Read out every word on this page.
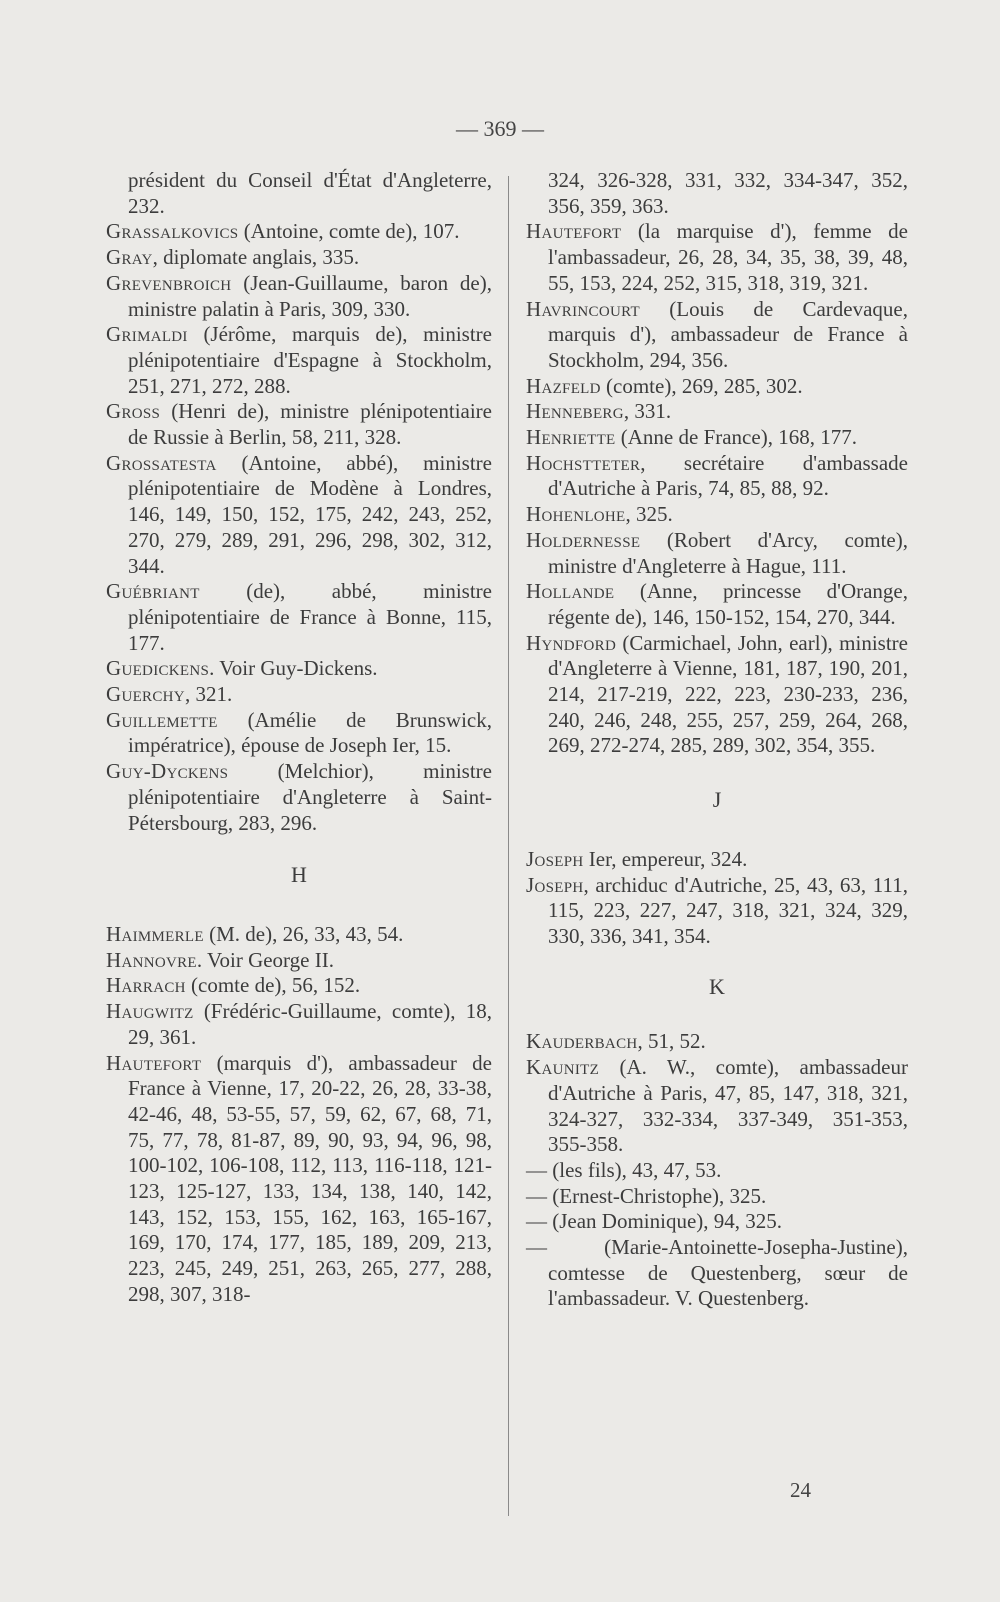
— 369 —

président du Conseil d'État d'Angleterre, 232.

Grassalkovics (Antoine, comte de), 107.

Gray, diplomate anglais, 335.

Grevenbroich (Jean-Guillaume, baron de), ministre palatin à Paris, 309, 330.

Grimaldi (Jérôme, marquis de), ministre plénipotentiaire d'Espagne à Stockholm, 251, 271, 272, 288.

Gross (Henri de), ministre plénipotentiaire de Russie à Berlin, 58, 211, 328.

Grossatesta (Antoine, abbé), ministre plénipotentiaire de Modène à Londres, 146, 149, 150, 152, 175, 242, 243, 252, 270, 279, 289, 291, 296, 298, 302, 312, 344.

Guébriant (de), abbé, ministre plénipotentiaire de France à Bonne, 115, 177.

Guedickens. Voir Guy-Dickens.

Guerchy, 321.

Guillemette (Amélie de Brunswick, impératrice), épouse de Joseph Ier, 15.

Guy-Dyckens (Melchior), ministre plénipotentiaire d'Angleterre à Saint-Pétersbourg, 283, 296.

H

Haimmerle (M. de), 26, 33, 43, 54.

Hannovre. Voir George II.

Harrach (comte de), 56, 152.

Haugwitz (Frédéric-Guillaume, comte), 18, 29, 361.

Hautefort (marquis d'), ambassadeur de France à Vienne, 17, 20-22, 26, 28, 33-38, 42-46, 48, 53-55, 57, 59, 62, 67, 68, 71, 75, 77, 78, 81-87, 89, 90, 93, 94, 96, 98, 100-102, 106-108, 112, 113, 116-118, 121-123, 125-127, 133, 134, 138, 140, 142, 143, 152, 153, 155, 162, 163, 165-167, 169, 170, 174, 177, 185, 189, 209, 213, 223, 245, 249, 251, 263, 265, 277, 288, 298, 307, 318-

324, 326-328, 331, 332, 334-347, 352, 356, 359, 363.

Hautefort (la marquise d'), femme de l'ambassadeur, 26, 28, 34, 35, 38, 39, 48, 55, 153, 224, 252, 315, 318, 319, 321.

Havrincourt (Louis de Cardevaque, marquis d'), ambassadeur de France à Stockholm, 294, 356.

Hazfeld (comte), 269, 285, 302.

Henneberg, 331.

Henriette (Anne de France), 168, 177.

Hochstteter, secrétaire d'ambassade d'Autriche à Paris, 74, 85, 88, 92.

Hohenlohe, 325.

Holdernesse (Robert d'Arcy, comte), ministre d'Angleterre à Hague, 111.

Hollande (Anne, princesse d'Orange, régente de), 146, 150-152, 154, 270, 344.

Hyndford (Carmichael, John, earl), ministre d'Angleterre à Vienne, 181, 187, 190, 201, 214, 217-219, 222, 223, 230-233, 236, 240, 246, 248, 255, 257, 259, 264, 268, 269, 272-274, 285, 289, 302, 354, 355.

J

Joseph Ier, empereur, 324.

Joseph, archiduc d'Autriche, 25, 43, 63, 111, 115, 223, 227, 247, 318, 321, 324, 329, 330, 336, 341, 354.

K

Kauderbach, 51, 52.

Kaunitz (A. W., comte), ambassadeur d'Autriche à Paris, 47, 85, 147, 318, 321, 324-327, 332-334, 337-349, 351-353, 355-358.

— (les fils), 43, 47, 53.

— (Ernest-Christophe), 325.

— (Jean Dominique), 94, 325.

— (Marie-Antoinette-Josepha-Justine), comtesse de Questenberg, sœur de l'ambassadeur. V. Questenberg.

24
